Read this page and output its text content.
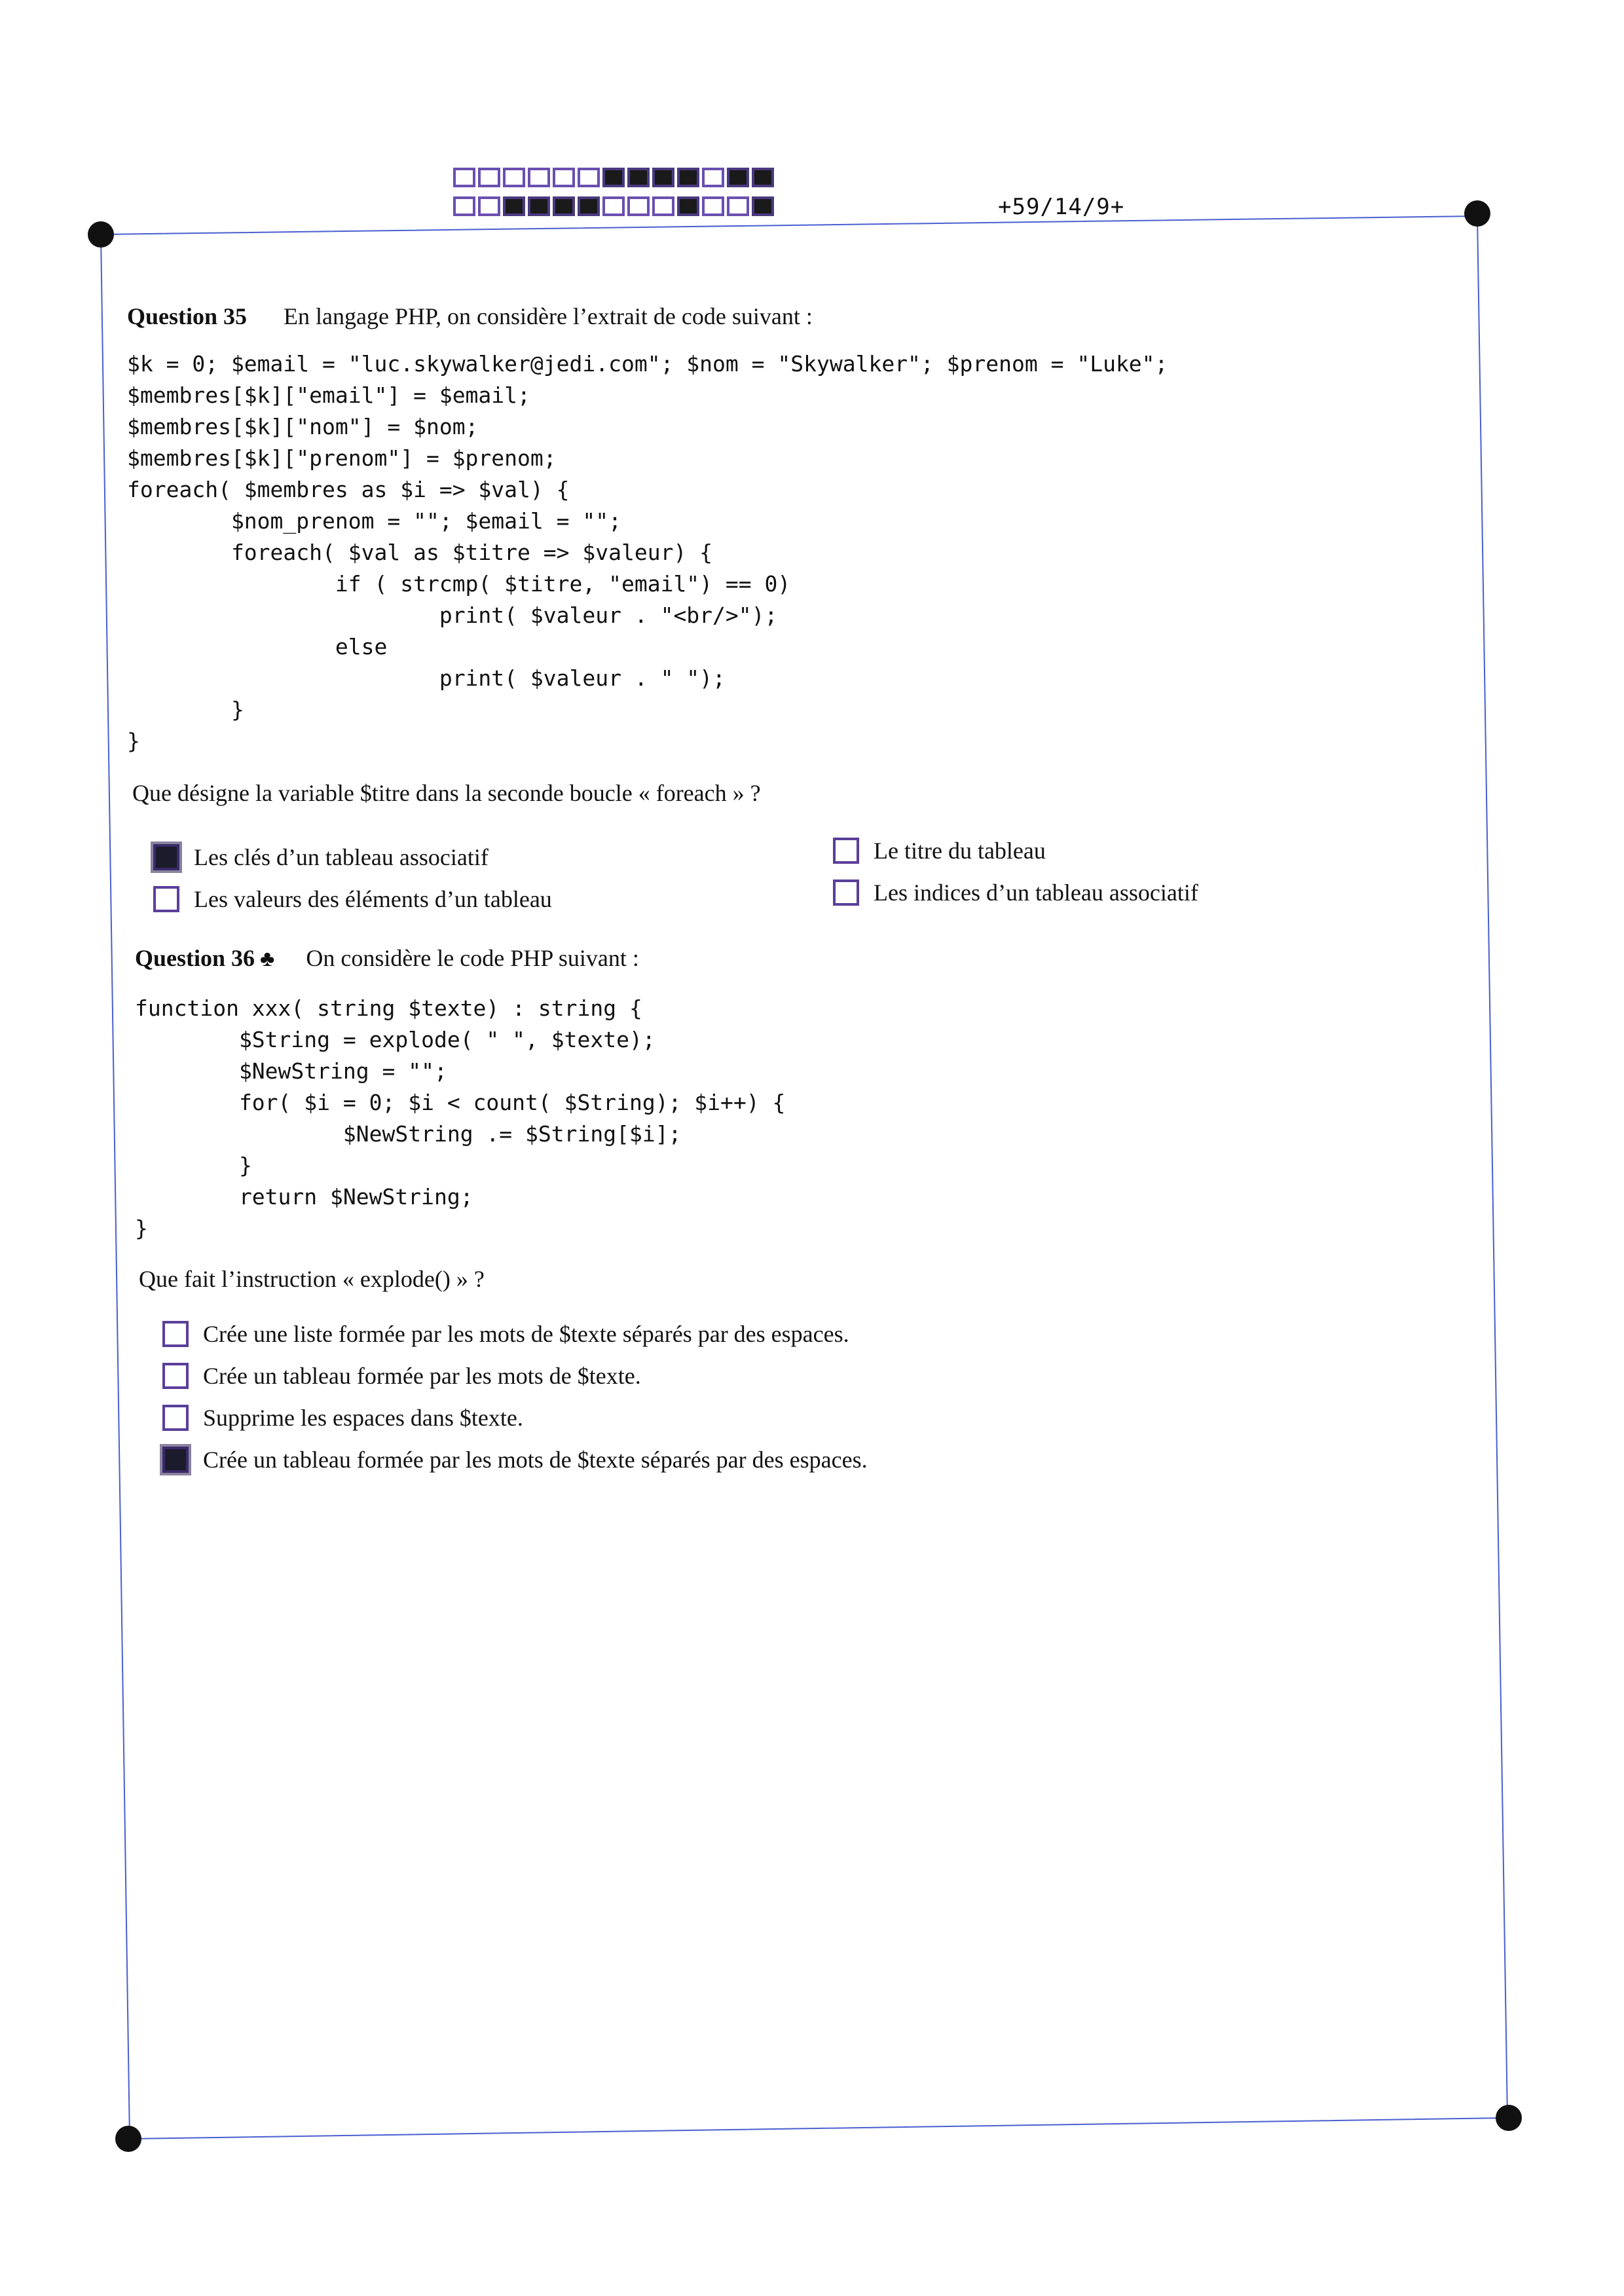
+59/14/9+
Question 35 En langage PHP, on considère l’extrait de code suivant :
$k = 0; $email = "luc.skywalker@jedi.com"; $nom = "Skywalker"; $prenom = "Luke";
$membres[$k]["email"] = $email;
$membres[$k]["nom"] = $nom;
$membres[$k]["prenom"] = $prenom;
foreach( $membres as $i => $val) {
$nom_prenom = ""; $email = "";
foreach( $val as $titre => $valeur) {
if ( strcmp( $titre, "email") == 0)
print( $valeur . "<br/>");
else
print( $valeur . " ");
}
}
Que désigne la variable $titre dans la seconde boucle « foreach » ?
Les clés d’un tableau associatif
Les valeurs des éléments d’un tableau
Le titre du tableau
Les indices d’un tableau associatif
Question 36 ♣ On considère le code PHP suivant :
function xxx( string $texte) : string {
$String = explode( " ", $texte);
$NewString = "";
for( $i = 0; $i < count( $String); $i++) {
$NewString .= $String[$i];
}
return $NewString;
}
Que fait l’instruction « explode() » ?
Crée une liste formée par les mots de $texte séparés par des espaces.
Crée un tableau formée par les mots de $texte.
Supprime les espaces dans $texte.
Crée un tableau formée par les mots de $texte séparés par des espaces.
